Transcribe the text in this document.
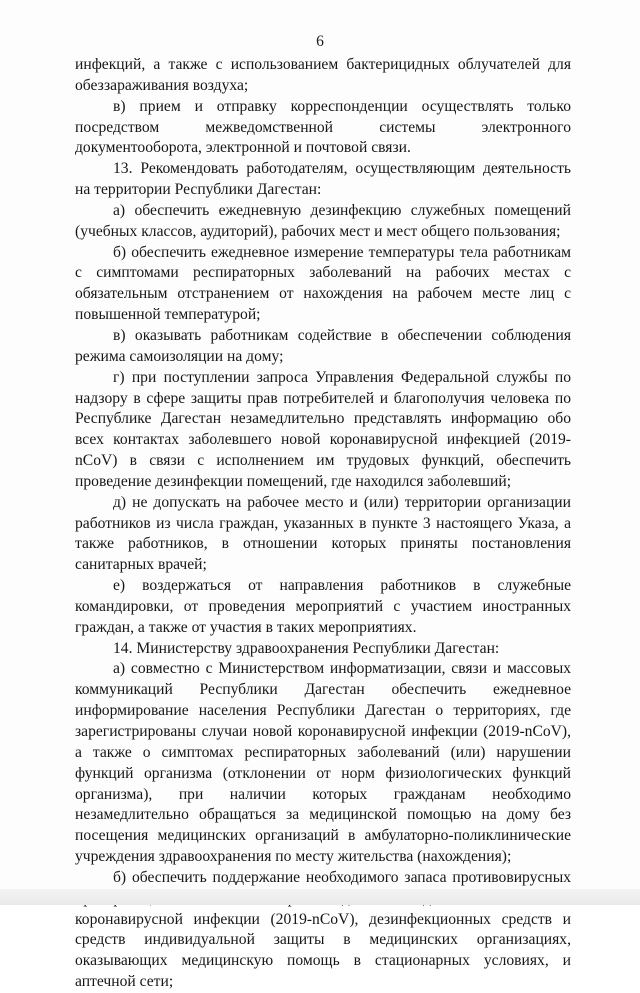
6

инфекций, а также с использованием бактерицидных облучателей для обеззараживания воздуха;

в) прием и отправку корреспонденции осуществлять только посредством межведомственной системы электронного документооборота, электронной и почтовой связи.

13. Рекомендовать работодателям, осуществляющим деятельность на территории Республики Дагестан:

а) обеспечить ежедневную дезинфекцию служебных помещений (учебных классов, аудиторий), рабочих мест и мест общего пользования;

б) обеспечить ежедневное измерение температуры тела работникам с симптомами респираторных заболеваний на рабочих местах с обязательным отстранением от нахождения на рабочем месте лиц с повышенной температурой;

в) оказывать работникам содействие в обеспечении соблюдения режима самоизоляции на дому;

г) при поступлении запроса Управления Федеральной службы по надзору в сфере защиты прав потребителей и благополучия человека по Республике Дагестан незамедлительно представлять информацию обо всех контактах заболевшего новой коронавирусной инфекцией (2019-nCoV) в связи с исполнением им трудовых функций, обеспечить проведение дезинфекции помещений, где находился заболевший;

д) не допускать на рабочее место и (или) территории организации работников из числа граждан, указанных в пункте 3 настоящего Указа, а также работников, в отношении которых приняты постановления санитарных врачей;

е) воздержаться от направления работников в служебные командировки, от проведения мероприятий с участием иностранных граждан, а также от участия в таких мероприятиях.

14. Министерству здравоохранения Республики Дагестан:

а) совместно с Министерством информатизации, связи и массовых коммуникаций Республики Дагестан обеспечить ежедневное информирование населения Республики Дагестан о территориях, где зарегистрированы случаи новой коронавирусной инфекции (2019-nCoV), а также о симптомах респираторных заболеваний (или) нарушении функций организма (отклонении от норм физиологических функций организма), при наличии которых гражданам необходимо незамедлительно обращаться за медицинской помощью на дому без посещения медицинских организаций в амбулаторно-поликлинические учреждения здравоохранения по месту жительства (нахождения);

б) обеспечить поддержание необходимого запаса противовирусных коронавирусной инфекции (2019-nCoV), дезинфекционных средств и средств индивидуальной защиты в медицинских организациях, оказывающих медицинскую помощь в стационарных условиях, и аптечной сети;
